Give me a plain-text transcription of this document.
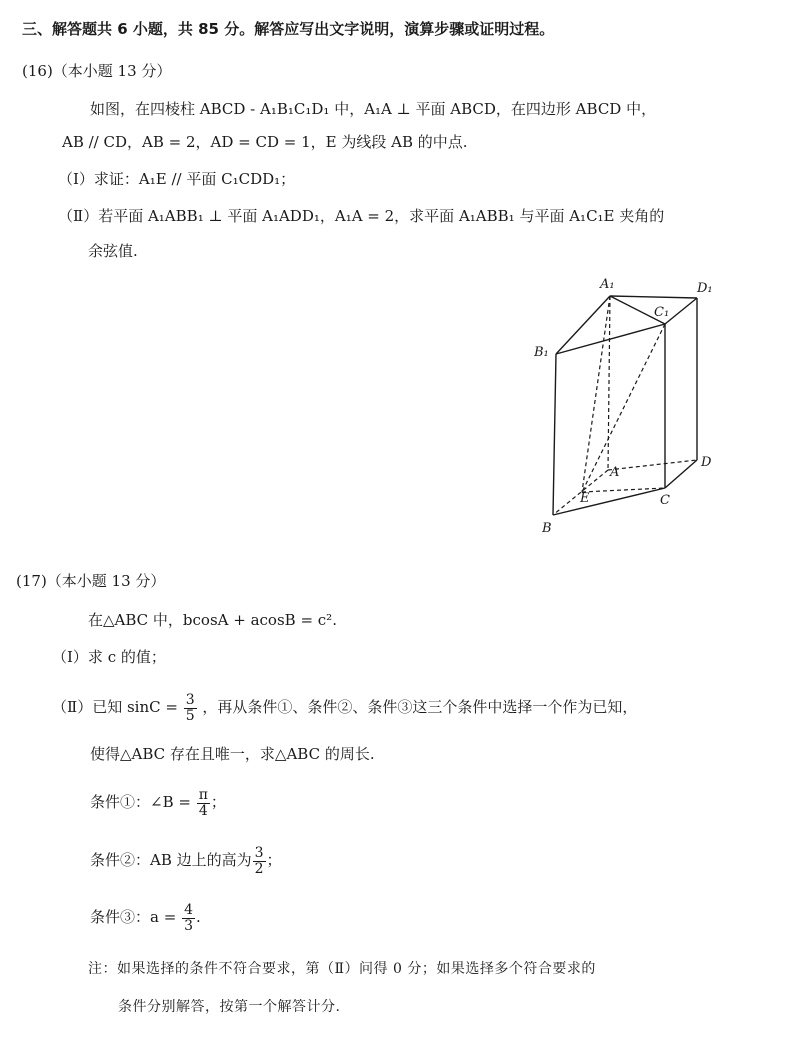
三、解答题共 6 小题，共 85 分。解答应写出文字说明，演算步骤或证明过程。
(16)（本小题 13 分）
如图，在四棱柱 ABCD - A₁B₁C₁D₁ 中，A₁A ⊥ 平面 ABCD，在四边形 ABCD 中，
AB // CD，AB = 2，AD = CD = 1，E 为线段 AB 的中点.
（Ⅰ）求证：A₁E // 平面 C₁CDD₁；
（Ⅱ）若平面 A₁ABB₁ ⊥ 平面 A₁ADD₁，A₁A = 2，求平面 A₁ABB₁ 与平面 A₁C₁E 夹角的
余弦值.
A₁	D₁
C₁
B₁
A
D
E	C
B
(17)（本小题 13 分）
在△ABC 中，bcosA + acosB = c².
（Ⅰ）求 c 的值；
（Ⅱ）已知 $\sin C = \frac{3}{5}$ ，再从条件①、条件②、条件③这三个条件中选择一个作为已知，
使得△ABC 存在且唯一，求△ABC 的周长.
条件①：∠B = $\frac{\pi}{4}$ ；
条件②：AB 边上的高为 $\frac{3}{2}$ ；
条件③：$a = \frac{4}{3}$ .
注：如果选择的条件不符合要求，第（Ⅱ）问得 0 分；如果选择多个符合要求的
条件分别解答，按第一个解答计分.
